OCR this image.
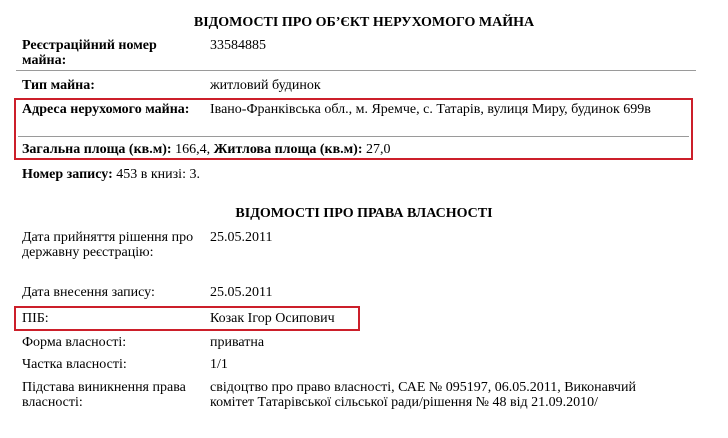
ВІДОМОСТІ ПРО ОБ’ЄКТ НЕРУХОМОГО МАЙНА
Реєстраційний номер майна:
33584885
Тип майна:	житловий будинок
Адреса нерухомого майна:	Івано-Франківська обл., м. Яремче, с. Татарів, вулиця Миру, будинок 699в
Загальна площа (кв.м): 166,4, Житлова площа (кв.м): 27,0
Номер запису: 453 в книзі: 3.
ВІДОМОСТІ ПРО ПРАВА ВЛАСНОСТІ
Дата прийняття рішення про державну реєстрацію:
25.05.2011
Дата внесення запису:	25.05.2011
ПІБ:	Козак Ігор Осипович
Форма власності:	приватна
Частка власності:	1/1
Підстава виникнення права власності:
свідоцтво про право власності, САЕ № 095197, 06.05.2011, Виконавчий комітет Татарівської сільської ради/рішення № 48 від 21.09.2010/
